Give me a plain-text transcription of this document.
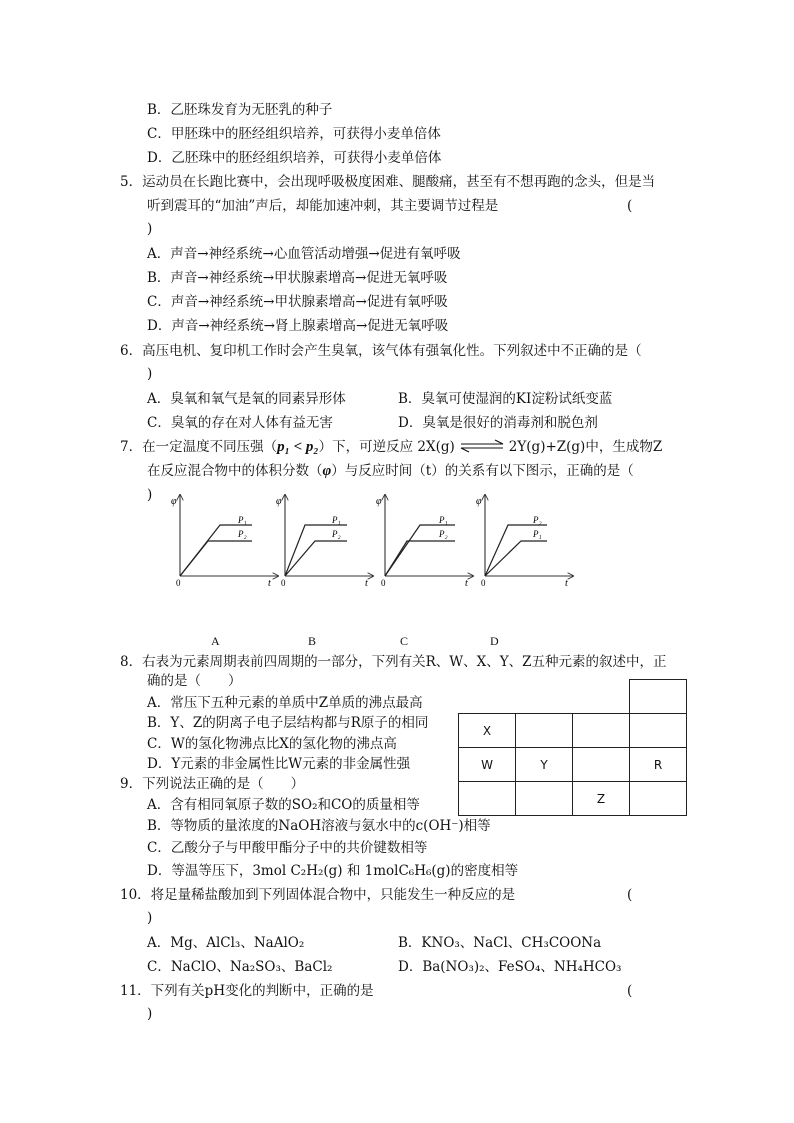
B．乙胚珠发育为无胚乳的种子
C．甲胚珠中的胚经组织培养，可获得小麦单倍体
D．乙胚珠中的胚经组织培养，可获得小麦单倍体
5．运动员在长跑比赛中，会出现呼吸极度困难、腿酸痛，甚至有不想再跑的念头，但是当
听到震耳的“加油”声后，却能加速冲刺，其主要调节过程是	(
)
A．声音→神经系统→心血管活动增强→促进有氧呼吸
B．声音→神经系统→甲状腺素增高→促进无氧呼吸
C．声音→神经系统→甲状腺素增高→促进有氧呼吸
D．声音→神经系统→肾上腺素增高→促进无氧呼吸
6．高压电机、复印机工作时会产生臭氧，该气体有强氧化性。下列叙述中不正确的是（
)
A．臭氧和氧气是氧的同素异形体	B．臭氧可使湿润的KI淀粉试纸变蓝
C．臭氧的存在对人体有益无害	D．臭氧是很好的消毒剂和脱色剂
7．在一定温度不同压强（p₁ < p₂）下，可逆反应 2X(g) ⇌ 2Y(g)+Z(g)中，生成物Z
在反应混合物中的体积分数（φ）与反应时间（t）的关系有以下图示，正确的是（
)
P₁
P₂
φ
0	t
P₁
P₂
φ
0	t
P₁
P₂
φ
0	t
P₂
P₁
φ
0	t
A	B	C	D
8．右表为元素周期表前四周期的一部分，下列有关R、W、X、Y、Z五种元素的叙述中，正
确的是（　　）
A．常压下五种元素的单质中Z单质的沸点最高
B．Y、Z的阴离子电子层结构都与R原子的相同
C．W的氢化物沸点比X的氢化物的沸点高
D．Y元素的非金属性比W元素的非金属性强

X			
W	Y		R
		Z	
9．下列说法正确的是（　　）
A．含有相同氧原子数的SO₂和CO的质量相等
B．等物质的量浓度的NaOH溶液与氨水中的c(OH⁻)相等
C．乙酸分子与甲酸甲酯分子中的共价键数相等
D．等温等压下，3mol C₂H₂(g) 和 1molC₆H₆(g)的密度相等
10．将足量稀盐酸加到下列固体混合物中，只能发生一种反应的是	(
)
A．Mg、AlCl₃、NaAlO₂	B．KNO₃、NaCl、CH₃COONa
C．NaClO、Na₂SO₃、BaCl₂	D．Ba(NO₃)₂、FeSO₄、NH₄HCO₃
11．下列有关pH变化的判断中，正确的是	(
)
